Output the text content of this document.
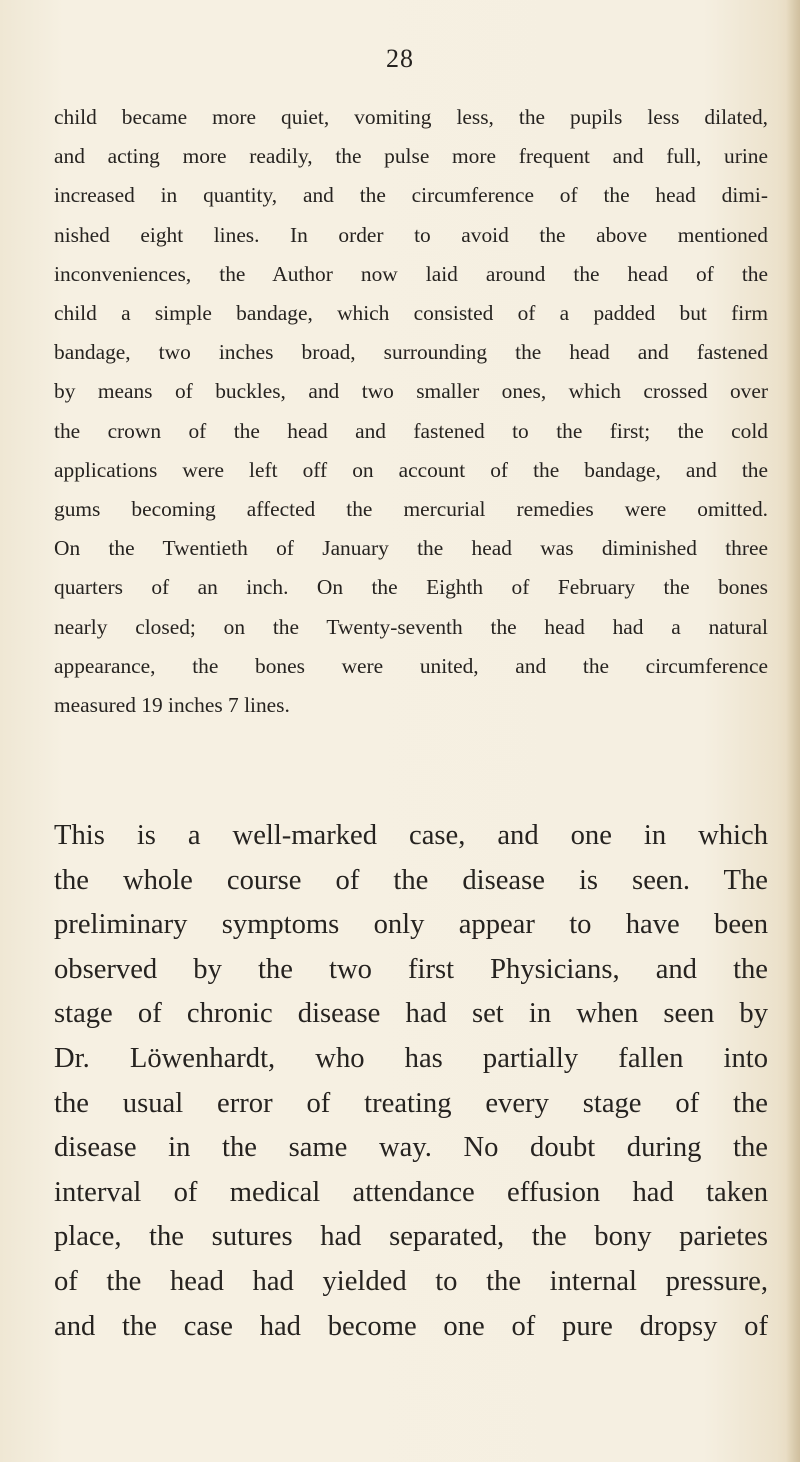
28
child became more quiet, vomiting less, the pupils less dilated,
and acting more readily, the pulse more frequent and full, urine
increased in quantity, and the circumference of the head dimi-
nished eight lines. In order to avoid the above mentioned
inconveniences, the Author now laid around the head of the
child a simple bandage, which consisted of a padded but firm
bandage, two inches broad, surrounding the head and fastened
by means of buckles, and two smaller ones, which crossed over
the crown of the head and fastened to the first; the cold
applications were left off on account of the bandage, and the
gums becoming affected the mercurial remedies were omitted.
On the Twentieth of January the head was diminished three
quarters of an inch. On the Eighth of February the bones
nearly closed; on the Twenty-seventh the head had a natural
appearance, the bones were united, and the circumference
measured 19 inches 7 lines.
This is a well-marked case, and one in which
the whole course of the disease is seen. The
preliminary symptoms only appear to have been
observed by the two first Physicians, and the
stage of chronic disease had set in when seen by
Dr. Löwenhardt, who has partially fallen into
the usual error of treating every stage of the
disease in the same way. No doubt during the
interval of medical attendance effusion had taken
place, the sutures had separated, the bony parietes
of the head had yielded to the internal pressure,
and the case had become one of pure dropsy of
